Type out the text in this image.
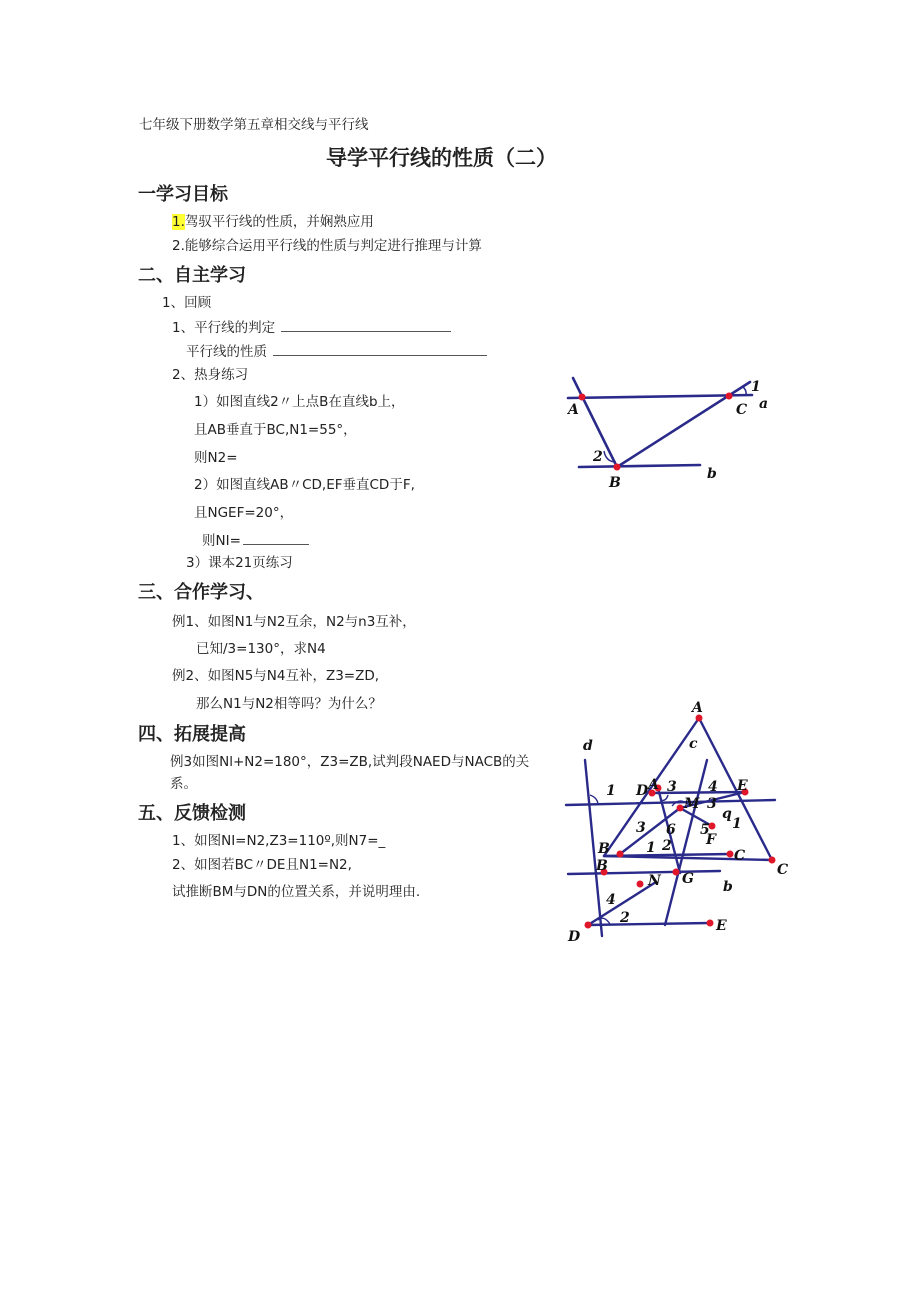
七年级下册数学第五章相交线与平行线
导学平行线的性质（二）
一学习目标
1.驾驭平行线的性质，并娴熟应用
2.能够综合运用平行线的性质与判定进行推理与计算
二、自主学习
1、回顾
1、平行线的判定
平行线的性质
2、热身练习
1）如图直线2〃上点B在直线b上，
且AB垂直于BC,N1=55°，
则N2=
2）如图直线AB〃CD,EF垂直CD于F,
且NGEF=20°，
则NI=
3）课本21页练习
三、合作学习、
例1、如图N1与N2互余，N2与n3互补，
已知/3=130°，求N4
例2、如图N5与N4互补，Z3=ZD,
那么N1与N2相等吗？为什么？
四、拓展提高
例3如图Nl+N2=180°，Z3=ZB,试判段NAED与NACB的关
系。
五、反馈检测
1、如图NI=N2,Z3=110º,则N7=_
2、如图若BC〃DE且N1=N2,
试推断BM与DN的位置关系，并说明理由.
A	C a
1
2
B
b
A
c
d
1 D A 3 4 E
M 3
q
1
3 6 5
F
2
B	1	C
B	C
N G b
4
2
D
E
